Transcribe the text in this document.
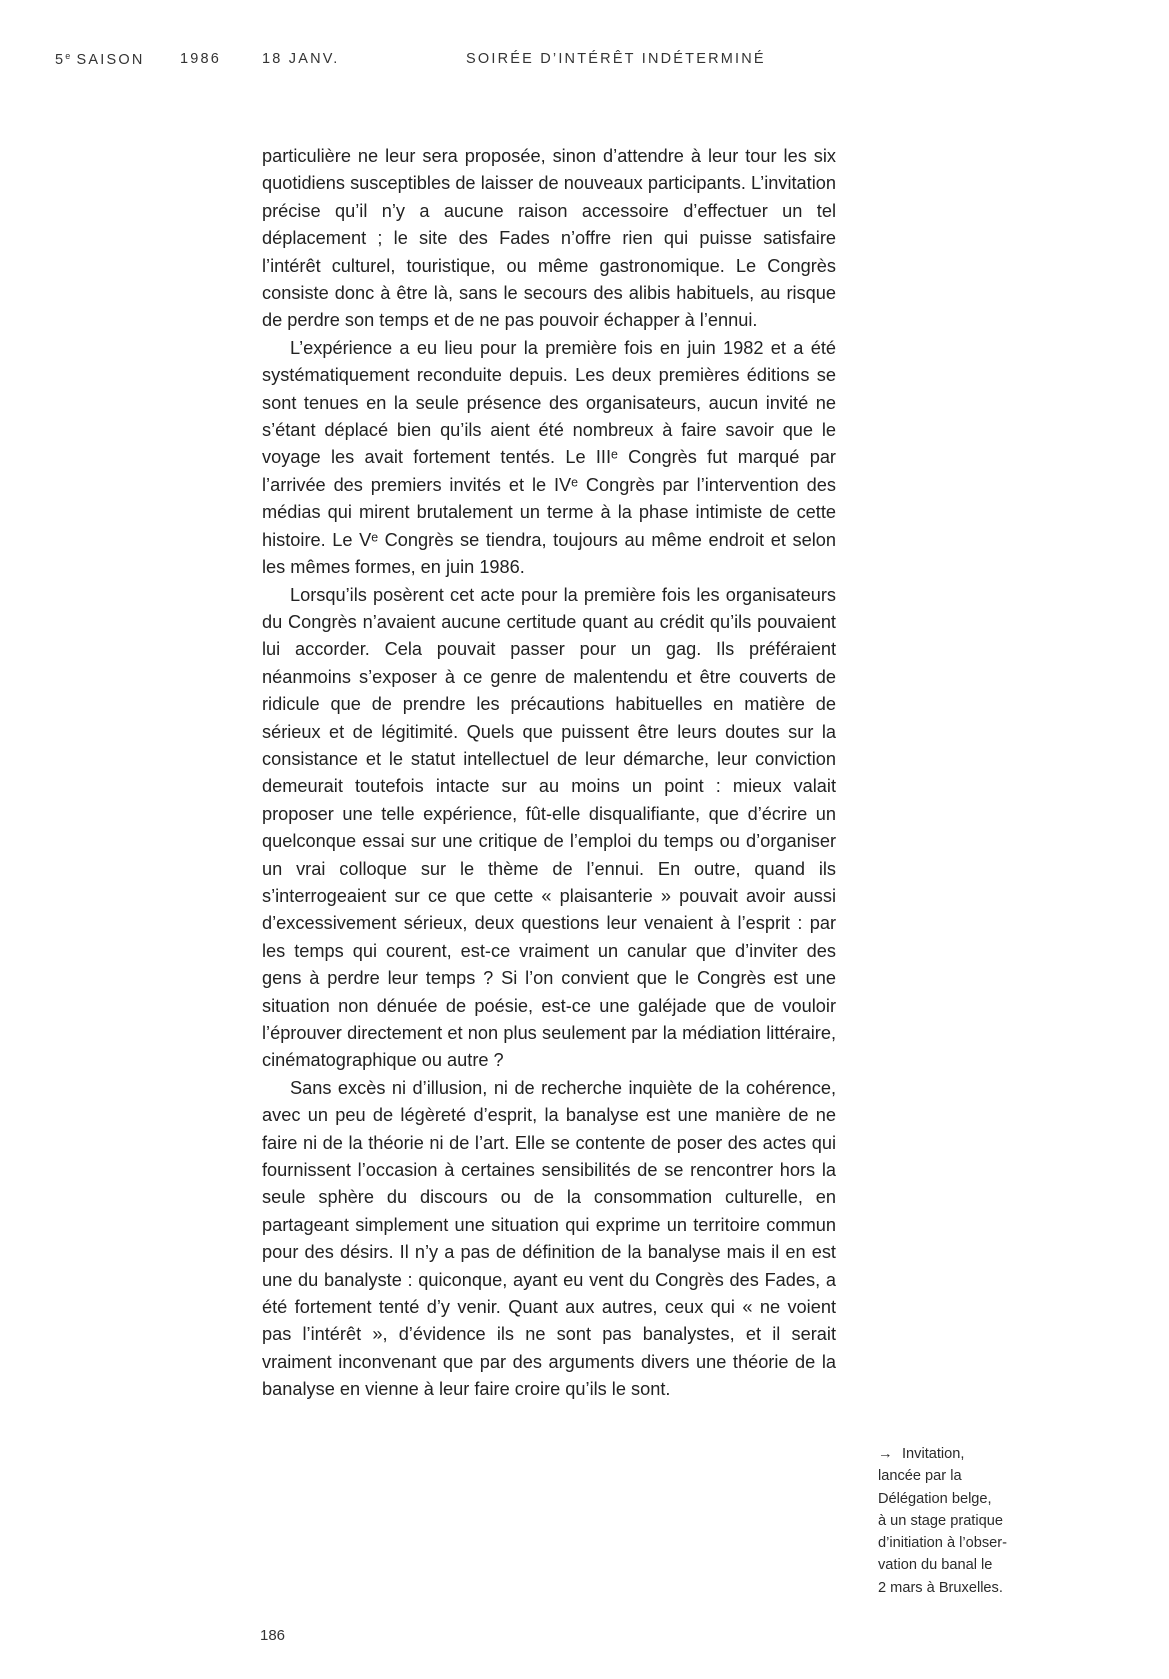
5e SAISON 1986	18 JANV.	SOIRÉE D’INTÉRÊT INDÉTERMINÉ

particulière ne leur sera proposée, sinon d’attendre à leur tour les six quotidiens susceptibles de laisser de nouveaux participants. L’invitation précise qu’il n’y a aucune raison accessoire d’effectuer un tel déplacement ; le site des Fades n’offre rien qui puisse satisfaire l’intérêt culturel, touristique, ou même gastronomique. Le Congrès consiste donc à être là, sans le secours des alibis habituels, au risque de perdre son temps et de ne pas pouvoir échapper à l’ennui.

L’expérience a eu lieu pour la première fois en juin 1982 et a été systématiquement reconduite depuis. Les deux premières éditions se sont tenues en la seule présence des organisateurs, aucun invité ne s’étant déplacé bien qu’ils aient été nombreux à faire savoir que le voyage les avait fortement tentés. Le IIIᵉ Congrès fut marqué par l’arrivée des premiers invités et le IVᵉ Congrès par l’intervention des médias qui mirent brutalement un terme à la phase intimiste de cette histoire. Le Vᵉ Congrès se tiendra, toujours au même endroit et selon les mêmes formes, en juin 1986.

Lorsqu’ils posèrent cet acte pour la première fois les organisateurs du Congrès n’avaient aucune certitude quant au crédit qu’ils pouvaient lui accorder. Cela pouvait passer pour un gag. Ils préféraient néanmoins s’exposer à ce genre de malentendu et être couverts de ridicule que de prendre les précautions habituelles en matière de sérieux et de légitimité. Quels que puissent être leurs doutes sur la consistance et le statut intellectuel de leur démarche, leur conviction demeurait toutefois intacte sur au moins un point : mieux valait proposer une telle expérience, fût-elle disqualifiante, que d’écrire un quelconque essai sur une critique de l’emploi du temps ou d’organiser un vrai colloque sur le thème de l’ennui. En outre, quand ils s’interrogeaient sur ce que cette « plaisanterie » pouvait avoir aussi d’excessivement sérieux, deux questions leur venaient à l’esprit : par les temps qui courent, est-ce vraiment un canular que d’inviter des gens à perdre leur temps ? Si l’on convient que le Congrès est une situation non dénuée de poésie, est-ce une galéjade que de vouloir l’éprouver directement et non plus seulement par la médiation littéraire, cinématographique ou autre ?

Sans excès ni d’illusion, ni de recherche inquiète de la cohérence, avec un peu de légèreté d’esprit, la banalyse est une manière de ne faire ni de la théorie ni de l’art. Elle se contente de poser des actes qui fournissent l’occasion à certaines sensibilités de se rencontrer hors la seule sphère du discours ou de la consommation culturelle, en partageant simplement une situation qui exprime un territoire commun pour des désirs. Il n’y a pas de définition de la banalyse mais il en est une du banalyste : quiconque, ayant eu vent du Congrès des Fades, a été fortement tenté d’y venir. Quant aux autres, ceux qui « ne voient pas l’intérêt », d’évidence ils ne sont pas banalystes, et il serait vraiment inconvenant que par des arguments divers une théorie de la banalyse en vienne à leur faire croire qu’ils le sont.

→ Invitation,
lancée par la
Délégation belge,
à un stage pratique
d’initiation à l’obser-
vation du banal le
2 mars à Bruxelles.
186
